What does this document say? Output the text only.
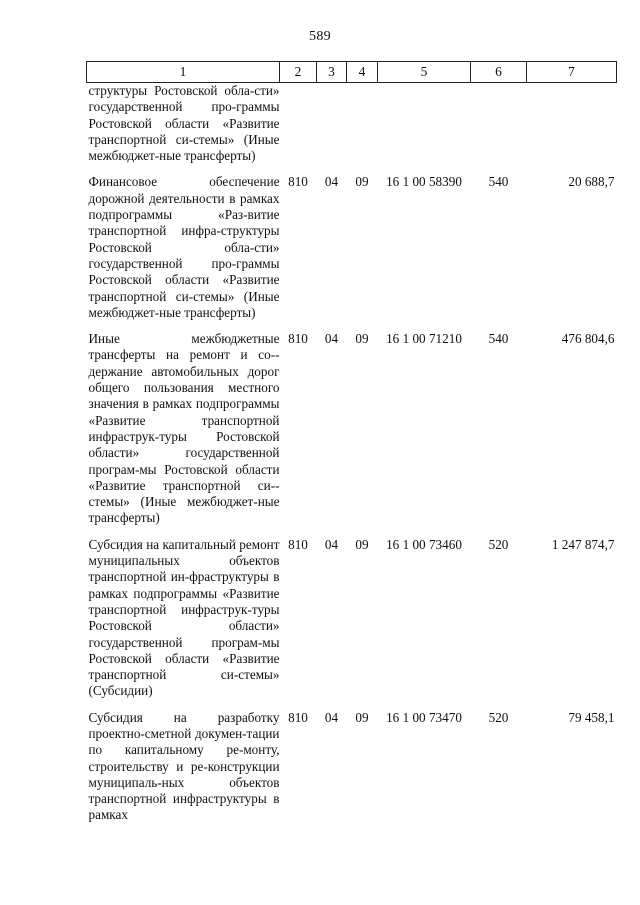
589
1	2	3	4	5	6	7
структуры Ростовской обла-сти» государственной про-граммы Ростовской области «Развитие транспортной си-стемы» (Иные межбюджет-ные трансферты)						

Финансовое обеспечение дорожной деятельности в рамках подпрограммы «Раз-витие транспортной инфра-структуры Ростовской обла-сти» государственной про-граммы Ростовской области «Развитие транспортной си-стемы» (Иные межбюджет-ные трансферты)	810	04	09	16 1 00 58390	540	20 688,7

Иные межбюджетные трансферты на ремонт и со-держание автомобильных дорог общего пользования местного значения в рамках подпрограммы «Развитие транспортной инфраструк-туры Ростовской области» государственной програм-мы Ростовской области «Развитие транспортной си-стемы» (Иные межбюджет-ные трансферты)	810	04	09	16 1 00 71210	540	476 804,6

Субсидия на капитальный ремонт муниципальных объектов транспортной ин-фраструктуры в рамках подпрограммы «Развитие транспортной инфраструк-туры Ростовской области» государственной програм-мы Ростовской области «Развитие транспортной си-стемы» (Субсидии)	810	04	09	16 1 00 73460	520	1 247 874,7

Субсидия на разработку проектно-сметной докумен-тации по капитальному ре-монту, строительству и ре-конструкции муниципаль-ных объектов транспортной инфраструктуры в рамках	810	04	09	16 1 00 73470	520	79 458,1
